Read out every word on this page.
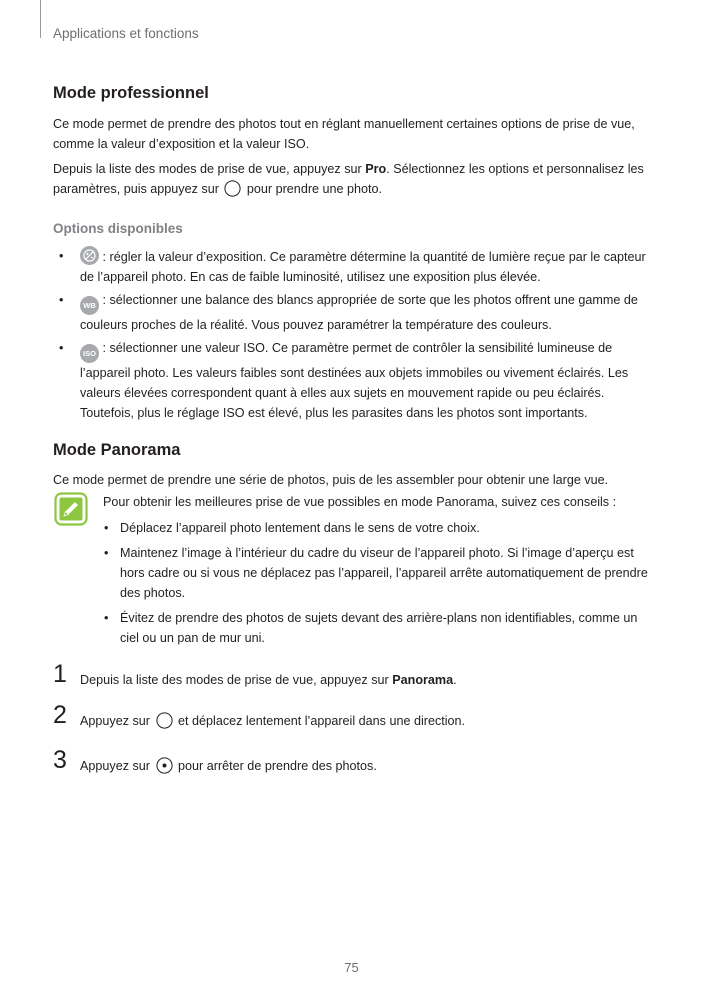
Applications et fonctions
Mode professionnel

Ce mode permet de prendre des photos tout en réglant manuellement certaines options de prise de vue, comme la valeur d’exposition et la valeur ISO.

Depuis la liste des modes de prise de vue, appuyez sur Pro. Sélectionnez les options et personnalisez les paramètres, puis appuyez sur  pour prendre une photo.

Options disponibles

•	: régler la valeur d’exposition. Ce paramètre détermine la quantité de lumière reçue par le capteur de l’appareil photo. En cas de faible luminosité, utilisez une exposition plus élevée.
•	WB : sélectionner une balance des blancs appropriée de sorte que les photos offrent une gamme de couleurs proches de la réalité. Vous pouvez paramétrer la température des couleurs.
•	ISO : sélectionner une valeur ISO. Ce paramètre permet de contrôler la sensibilité lumineuse de l’appareil photo. Les valeurs faibles sont destinées aux objets immobiles ou vivement éclairés. Les valeurs élevées correspondent quant à elles aux sujets en mouvement rapide ou peu éclairés. Toutefois, plus le réglage ISO est élevé, plus les parasites dans les photos sont importants.
Mode Panorama

Ce mode permet de prendre une série de photos, puis de les assembler pour obtenir une large vue.

Pour obtenir les meilleures prise de vue possibles en mode Panorama, suivez ces conseils :

• Déplacez l’appareil photo lentement dans le sens de votre choix.
• Maintenez l’image à l’intérieur du cadre du viseur de l’appareil photo. Si l’image d’aperçu est hors cadre ou si vous ne déplacez pas l’appareil, l’appareil arrête automatiquement de prendre des photos.
• Évitez de prendre des photos de sujets devant des arrière-plans non identifiables, comme un ciel ou un pan de mur uni.
1 Depuis la liste des modes de prise de vue, appuyez sur Panorama.
2 Appuyez sur  et déplacez lentement l’appareil dans une direction.
3 Appuyez sur  pour arrêter de prendre des photos.
75
